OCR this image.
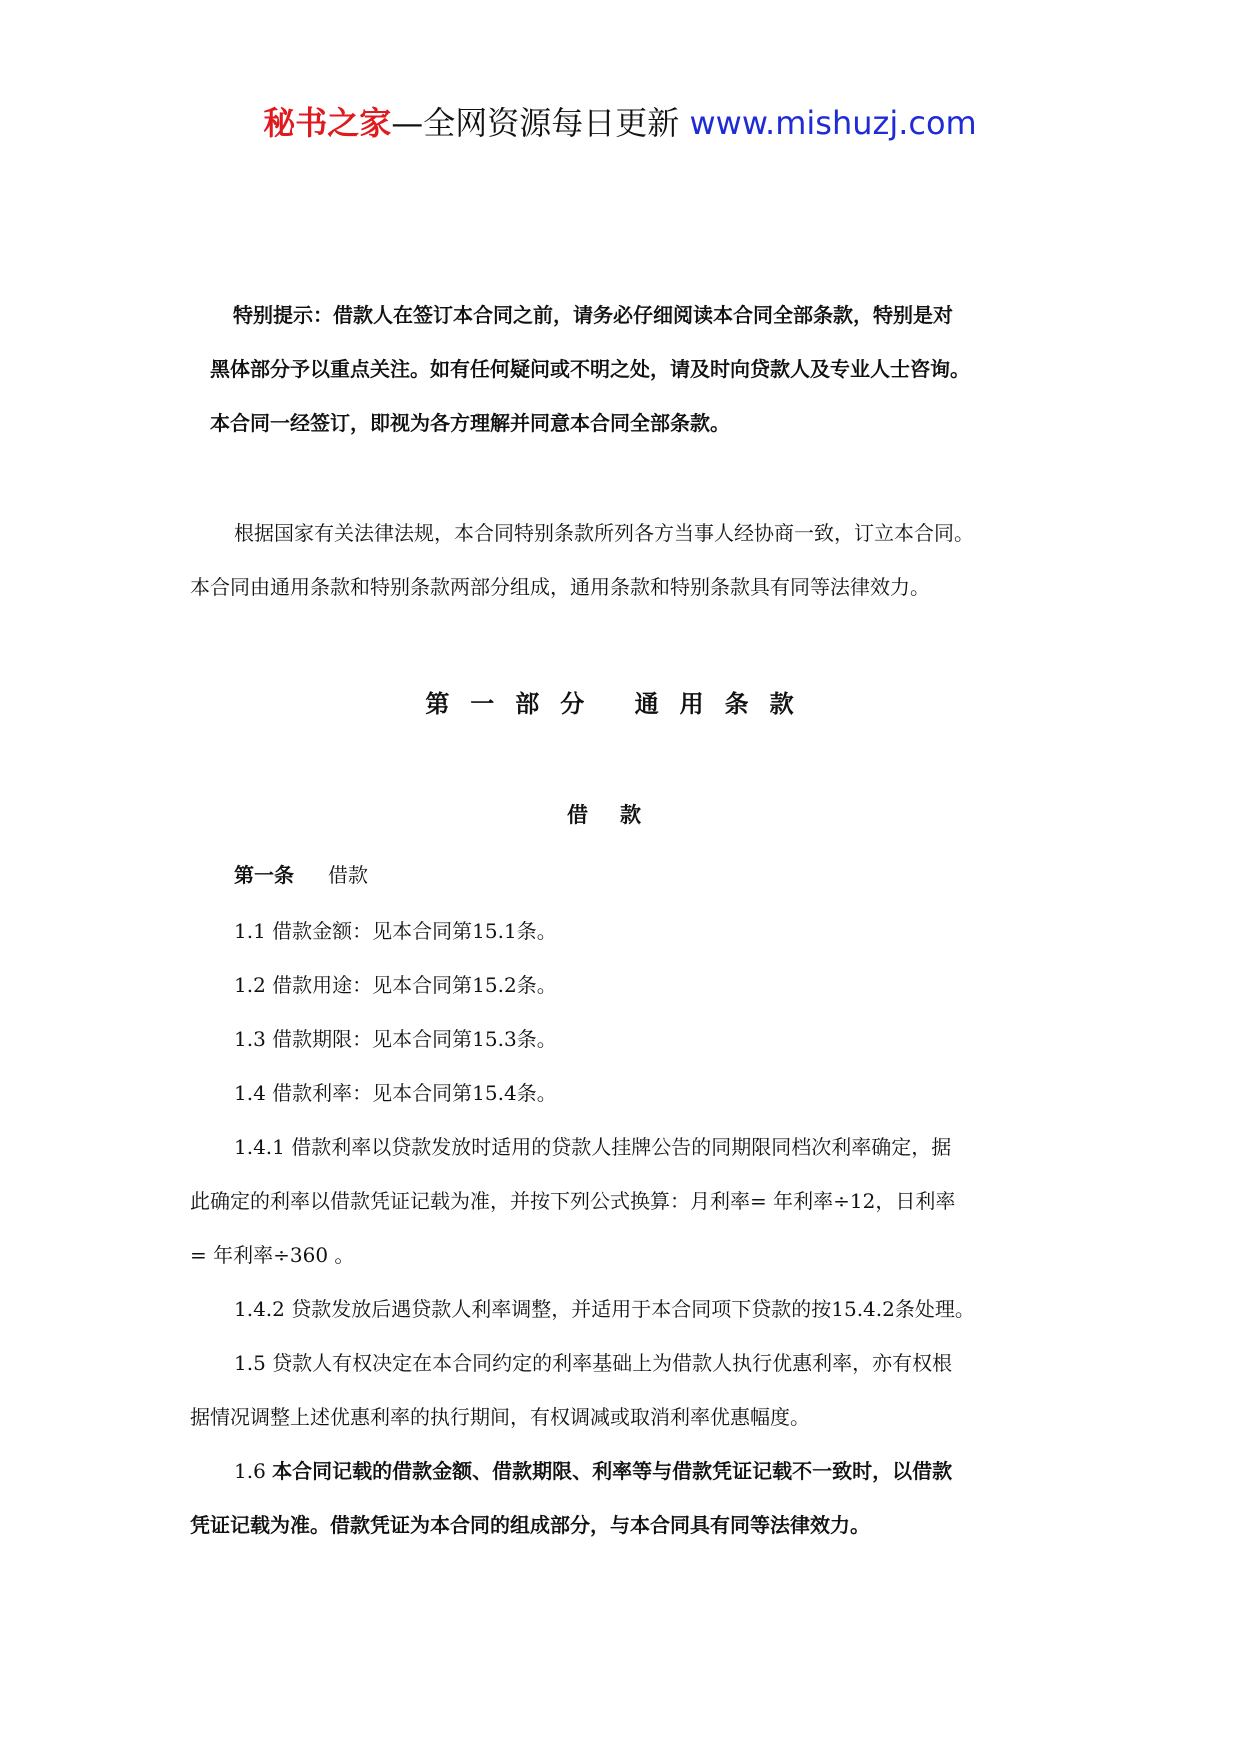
秘书之家—全网资源每日更新 www.mishuzj.com
特别提示：借款人在签订本合同之前，请务必仔细阅读本合同全部条款，特别是对
黑体部分予以重点关注。如有任何疑问或不明之处，请及时向贷款人及专业人士咨询。
本合同一经签订，即视为各方理解并同意本合同全部条款。
根据国家有关法律法规，本合同特别条款所列各方当事人经协商一致，订立本合同。
本合同由通用条款和特别条款两部分组成，通用条款和特别条款具有同等法律效力。
第一部分 通用条款
借款
第一条 借款
1.1 借款金额：见本合同第15.1条。
1.2 借款用途：见本合同第15.2条。
1.3 借款期限：见本合同第15.3条。
1.4 借款利率：见本合同第15.4条。
1.4.1 借款利率以贷款发放时适用的贷款人挂牌公告的同期限同档次利率确定，据
此确定的利率以借款凭证记载为准，并按下列公式换算：月利率= 年利率÷12，日利率
= 年利率÷360 。
1.4.2 贷款发放后遇贷款人利率调整，并适用于本合同项下贷款的按15.4.2条处理。
1.5 贷款人有权决定在本合同约定的利率基础上为借款人执行优惠利率，亦有权根
据情况调整上述优惠利率的执行期间，有权调减或取消利率优惠幅度。
1.6 本合同记载的借款金额、借款期限、利率等与借款凭证记载不一致时，以借款
凭证记载为准。借款凭证为本合同的组成部分，与本合同具有同等法律效力。
